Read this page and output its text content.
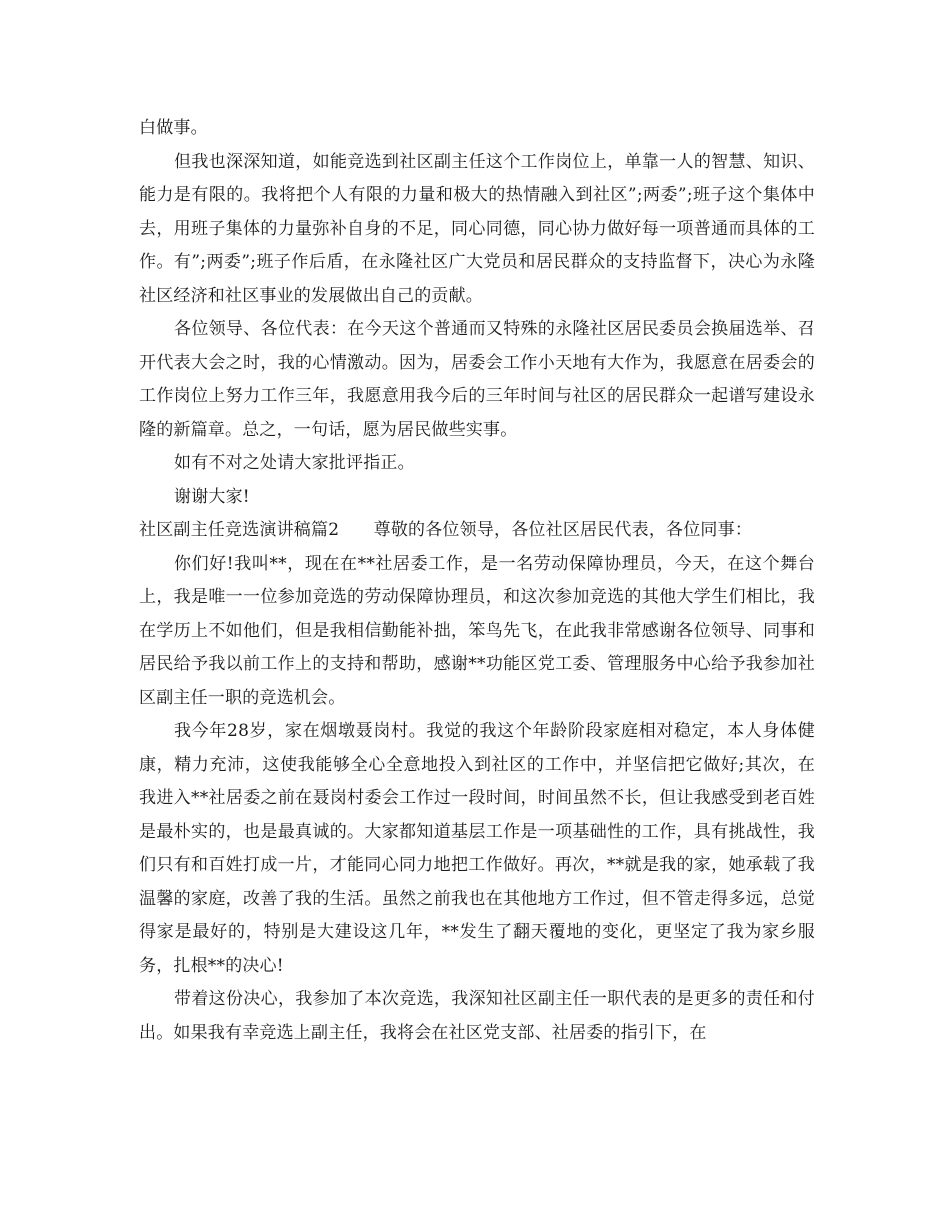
白做事。

但我也深深知道，如能竞选到社区副主任这个工作岗位上，单靠一人的智慧、知识、能力是有限的。我将把个人有限的力量和极大的热情融入到社区”;两委”;班子这个集体中去，用班子集体的力量弥补自身的不足，同心同德，同心协力做好每一项普通而具体的工作。有”;两委”;班子作后盾，在永隆社区广大党员和居民群众的支持监督下，决心为永隆社区经济和社区事业的发展做出自己的贡献。

各位领导、各位代表：在今天这个普通而又特殊的永隆社区居民委员会换届选举、召开代表大会之时，我的心情激动。因为，居委会工作小天地有大作为，我愿意在居委会的工作岗位上努力工作三年，我愿意用我今后的三年时间与社区的居民群众一起谱写建设永隆的新篇章。总之，一句话，愿为居民做些实事。

如有不对之处请大家批评指正。

谢谢大家!

社区副主任竞选演讲稿篇2　　尊敬的各位领导，各位社区居民代表，各位同事：

你们好!我叫**，现在在**社居委工作，是一名劳动保障协理员，今天，在这个舞台上，我是唯一一位参加竞选的劳动保障协理员，和这次参加竞选的其他大学生们相比，我在学历上不如他们，但是我相信勤能补拙，笨鸟先飞，在此我非常感谢各位领导、同事和居民给予我以前工作上的支持和帮助，感谢**功能区党工委、管理服务中心给予我参加社区副主任一职的竞选机会。

我今年28岁，家在烟墩聂岗村。我觉的我这个年龄阶段家庭相对稳定，本人身体健康，精力充沛，这使我能够全心全意地投入到社区的工作中，并坚信把它做好;其次，在我进入**社居委之前在聂岗村委会工作过一段时间，时间虽然不长，但让我感受到老百姓是最朴实的，也是最真诚的。大家都知道基层工作是一项基础性的工作，具有挑战性，我们只有和百姓打成一片，才能同心同力地把工作做好。再次，**就是我的家，她承载了我温馨的家庭，改善了我的生活。虽然之前我也在其他地方工作过，但不管走得多远，总觉得家是最好的，特别是大建设这几年，**发生了翻天覆地的变化，更坚定了我为家乡服务，扎根**的决心!

带着这份决心，我参加了本次竞选，我深知社区副主任一职代表的是更多的责任和付出。如果我有幸竞选上副主任，我将会在社区党支部、社居委的指引下，在
